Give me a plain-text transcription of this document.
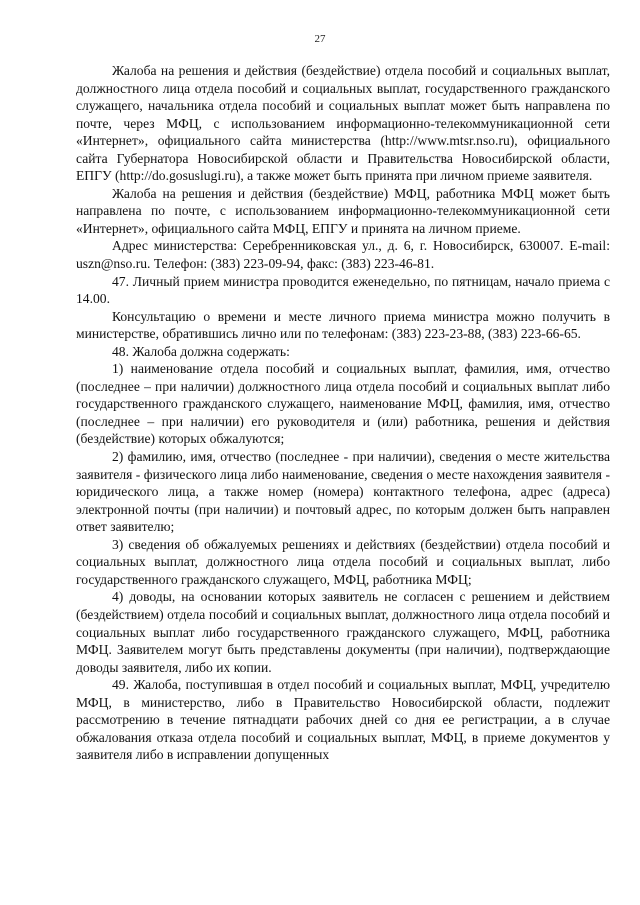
27

Жалоба на решения и действия (бездействие) отдела пособий и социальных выплат, должностного лица отдела пособий и социальных выплат, государственного гражданского служащего, начальника отдела пособий и социальных выплат может быть направлена по почте, через МФЦ, с использованием информационно-телекоммуникационной сети «Интернет», официального сайта министерства (http://www.mtsr.nso.ru), официального сайта Губернатора Новосибирской области и Правительства Новосибирской области, ЕПГУ (http://do.gosuslugi.ru), а также может быть принята при личном приеме заявителя.

Жалоба на решения и действия (бездействие) МФЦ, работника МФЦ может быть направлена по почте, с использованием информационно-телекоммуникационной сети «Интернет», официального сайта МФЦ, ЕПГУ и принята на личном приеме.

Адрес министерства: Серебренниковская ул., д. 6, г. Новосибирск, 630007. E-mail: uszn@nso.ru. Телефон: (383) 223-09-94, факс: (383) 223-46-81.

47. Личный прием министра проводится еженедельно, по пятницам, начало приема с 14.00.

Консультацию о времени и месте личного приема министра можно получить в министерстве, обратившись лично или по телефонам: (383) 223-23-88, (383) 223-66-65.

48. Жалоба должна содержать:

1) наименование отдела пособий и социальных выплат, фамилия, имя, отчество (последнее – при наличии) должностного лица отдела пособий и социальных выплат либо государственного гражданского служащего, наименование МФЦ, фамилия, имя, отчество (последнее – при наличии) его руководителя и (или) работника, решения и действия (бездействие) которых обжалуются;

2) фамилию, имя, отчество (последнее - при наличии), сведения о месте жительства заявителя - физического лица либо наименование, сведения о месте нахождения заявителя - юридического лица, а также номер (номера) контактного телефона, адрес (адреса) электронной почты (при наличии) и почтовый адрес, по которым должен быть направлен ответ заявителю;

3) сведения об обжалуемых решениях и действиях (бездействии) отдела пособий и социальных выплат, должностного лица отдела пособий и социальных выплат, либо государственного гражданского служащего, МФЦ, работника МФЦ;

4) доводы, на основании которых заявитель не согласен с решением и действием (бездействием) отдела пособий и социальных выплат, должностного лица отдела пособий и социальных выплат либо государственного гражданского служащего, МФЦ, работника МФЦ. Заявителем могут быть представлены документы (при наличии), подтверждающие доводы заявителя, либо их копии.

49. Жалоба, поступившая в отдел пособий и социальных выплат, МФЦ, учредителю МФЦ, в министерство, либо в Правительство Новосибирской области, подлежит рассмотрению в течение пятнадцати рабочих дней со дня ее регистрации, а в случае обжалования отказа отдела пособий и социальных выплат, МФЦ, в приеме документов у заявителя либо в исправлении допущенных
